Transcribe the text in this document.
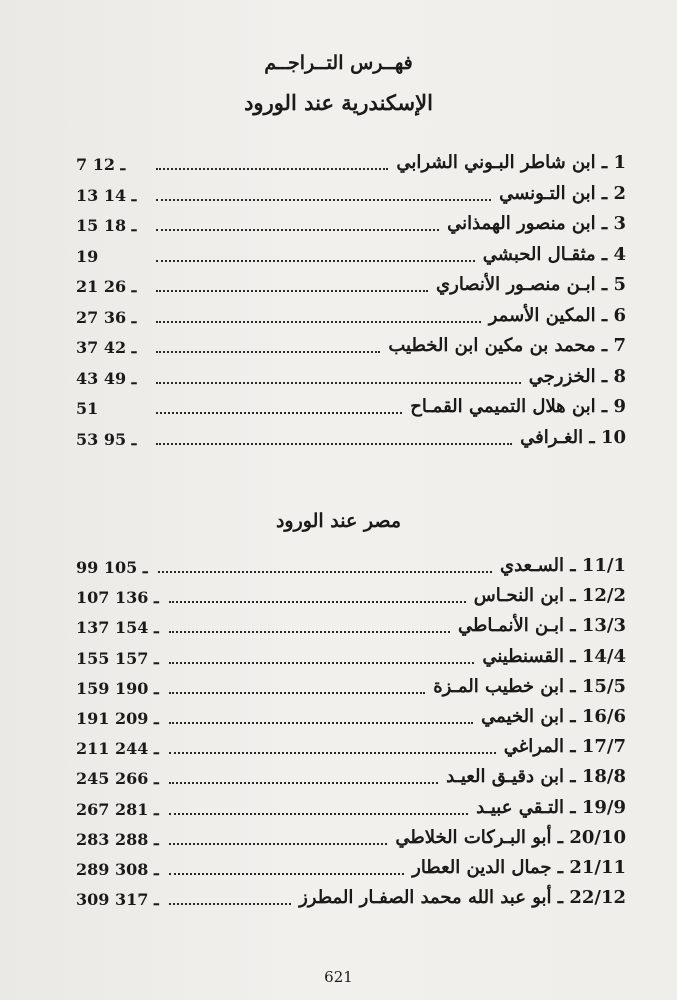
فهــرس التــراجــم
الإسكندرية عند الورود
1 ـ ابن شاطر البـوني الشرابي
7 ـ 12
2 ـ ابن التـونسي
13 ـ 14
3 ـ ابن منصور الهمذاني
15 ـ 18
4 ـ مثقـال الحبشي
19
5 ـ ابـن منصـور الأنصاري
21 ـ 26
6 ـ المكين الأسمر
27 ـ 36
7 ـ محمد بن مكين ابن الخطيب
37 ـ 42
8 ـ الخزرجي
43 ـ 49
9 ـ ابن هلال التميمي القمـاح
51
10 ـ الغـرافي
53 ـ 95
مصر عند الورود
11/1 ـ السـعدي
99 ـ 105
12/2 ـ ابن النحـاس
107 ـ 136
13/3 ـ ابـن الأنمـاطي
137 ـ 154
14/4 ـ القسنطيني
155 ـ 157
15/5 ـ ابن خطيب المـزة
159 ـ 190
16/6 ـ ابن الخيمي
191 ـ 209
17/7 ـ المراغي
211 ـ 244
18/8 ـ ابن دقيـق العيـد
245 ـ 266
19/9 ـ التـقي عبيـد
267 ـ 281
20/10 ـ أبو البـركات الخلاطي
283 ـ 288
21/11 ـ جمال الدين العطار
289 ـ 308
22/12 ـ أبو عبد الله محمد الصفـار المطرز
309 ـ 317
621
